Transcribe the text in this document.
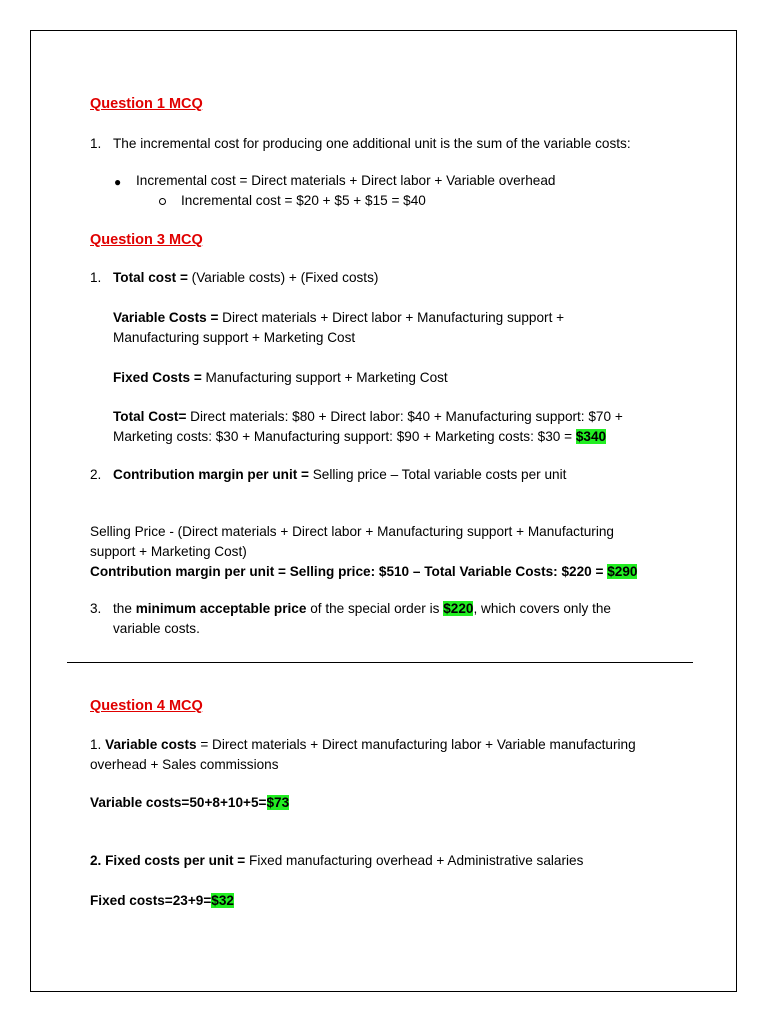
Question 1 MCQ
1. The incremental cost for producing one additional unit is the sum of the variable costs:
● Incremental cost = Direct materials + Direct labor + Variable overhead
Incremental cost = $20 + $5 + $15 = $40
Question 3 MCQ
1. Total cost = (Variable costs) + (Fixed costs)
Variable Costs = Direct materials + Direct labor + Manufacturing support +
Manufacturing support + Marketing Cost
Fixed Costs = Manufacturing support + Marketing Cost
Total Cost= Direct materials: $80 + Direct labor: $40 + Manufacturing support: $70 +
Marketing costs: $30 + Manufacturing support: $90 + Marketing costs: $30 = $340
2. Contribution margin per unit = Selling price – Total variable costs per unit
Selling Price - (Direct materials + Direct labor + Manufacturing support + Manufacturing
support + Marketing Cost)
Contribution margin per unit = Selling price: $510 – Total Variable Costs: $220 = $290
3. the minimum acceptable price of the special order is $220, which covers only the
variable costs.
Question 4 MCQ
1. Variable costs = Direct materials + Direct manufacturing labor + Variable manufacturing
overhead + Sales commissions
Variable costs=50+8+10+5=$73
2. Fixed costs per unit = Fixed manufacturing overhead + Administrative salaries
Fixed costs=23+9=$32
